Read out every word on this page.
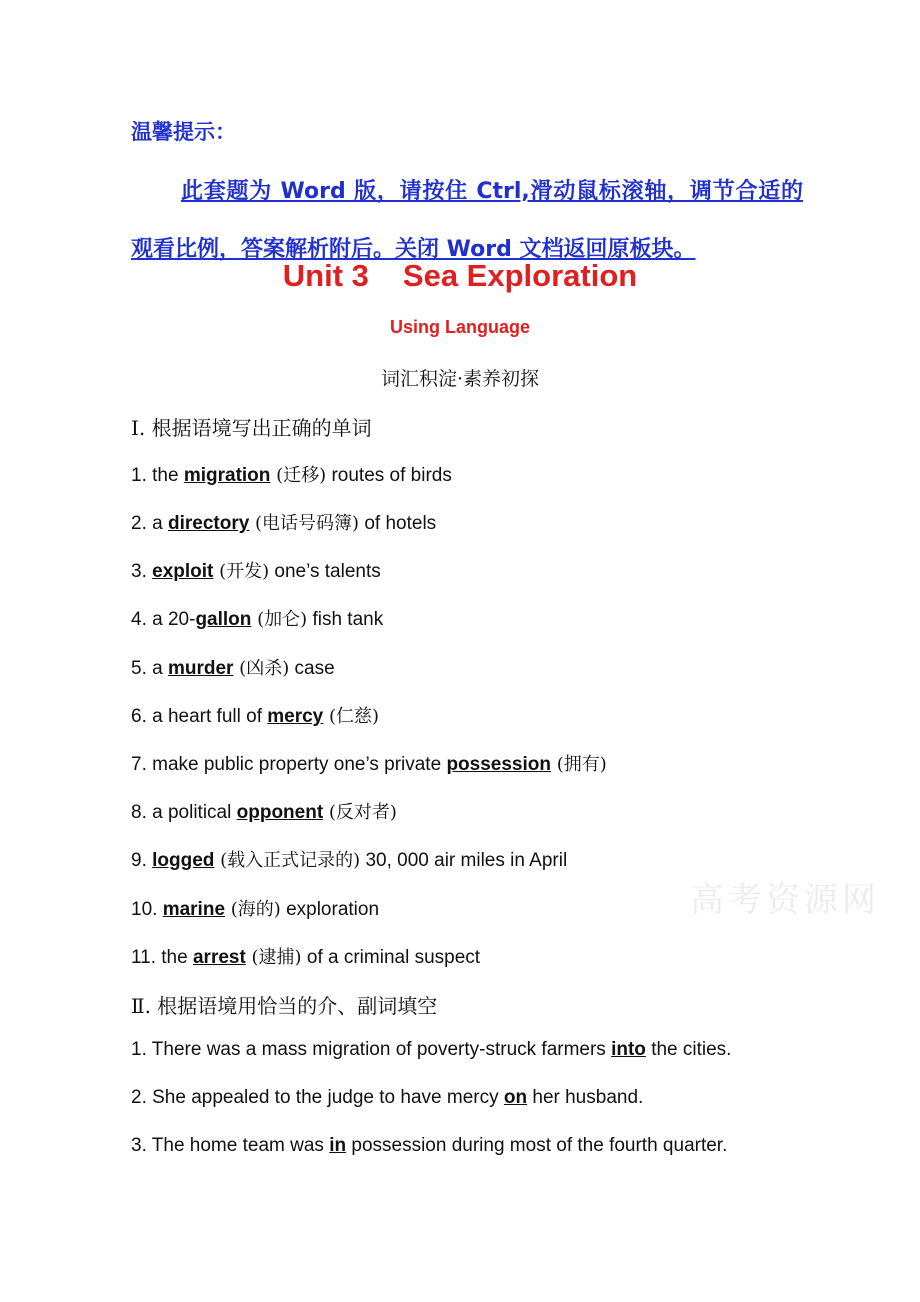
温馨提示：
此套题为 Word 版，请按住 Ctrl,滑动鼠标滚轴，调节合适的观看比例，答案解析附后。关闭 Word 文档返回原板块。
Unit 3 Sea Exploration
Using Language
词汇积淀·素养初探
Ⅰ. 根据语境写出正确的单词
1. the migration (迁移) routes of birds
2. a directory (电话号码簿) of hotels
3. exploit (开发) one’s talents
4. a 20-gallon (加仑) fish tank
5. a murder (凶杀) case
6. a heart full of mercy (仁慈)
7. make public property one’s private possession (拥有)
8. a political opponent (反对者)
9. logged (载入正式记录的) 30, 000 air miles in April
10. marine (海的) exploration
11. the arrest (逮捕) of a criminal suspect
Ⅱ. 根据语境用恰当的介、副词填空
1. There was a mass migration of poverty-struck farmers into the cities.
2. She appealed to the judge to have mercy on her husband.
3. The home team was in possession during most of the fourth quarter.
高考资源网
